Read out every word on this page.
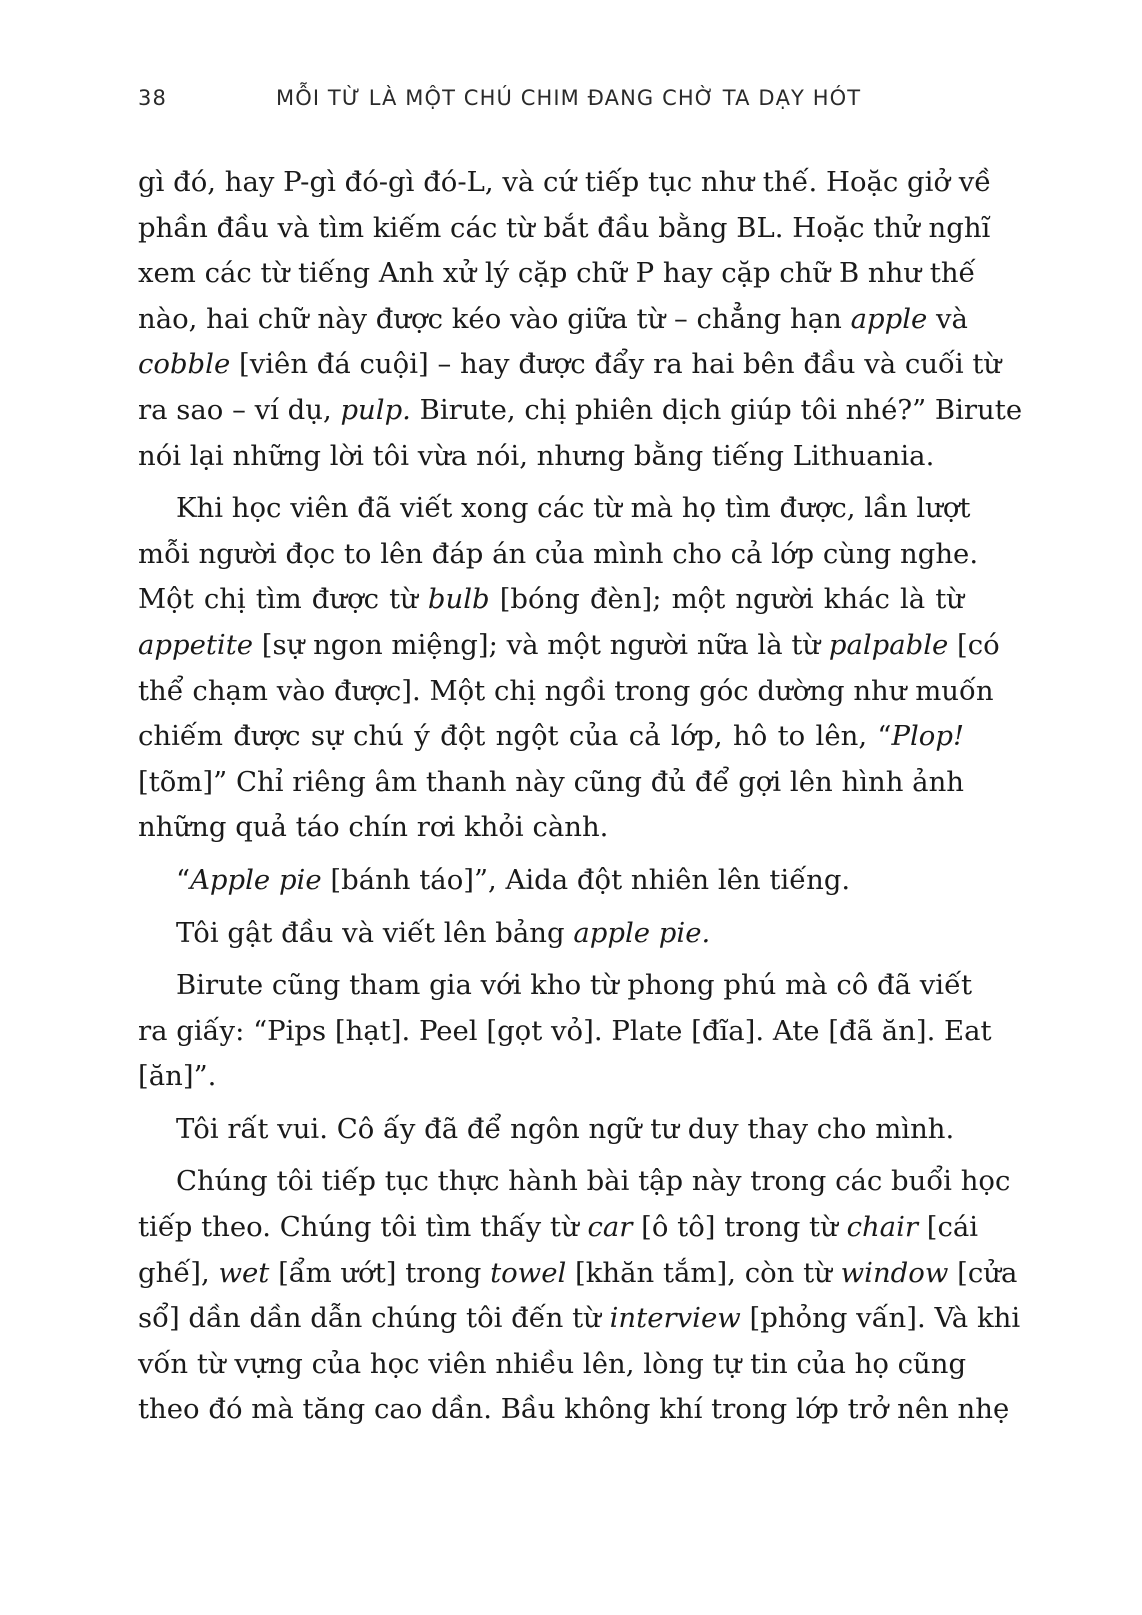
38	MỖI TỪ LÀ MỘT CHÚ CHIM ĐANG CHỜ TA DẠY HÓT
gì đó, hay P-gì đó-gì đó-L, và cứ tiếp tục như thế. Hoặc giở về
phần đầu và tìm kiếm các từ bắt đầu bằng BL. Hoặc thử nghĩ
xem các từ tiếng Anh xử lý cặp chữ P hay cặp chữ B như thế
nào, hai chữ này được kéo vào giữa từ – chẳng hạn apple và
cobble [viên đá cuội] – hay được đẩy ra hai bên đầu và cuối từ
ra sao – ví dụ, pulp. Birute, chị phiên dịch giúp tôi nhé?” Birute
nói lại những lời tôi vừa nói, nhưng bằng tiếng Lithuania.
Khi học viên đã viết xong các từ mà họ tìm được, lần lượt
mỗi người đọc to lên đáp án của mình cho cả lớp cùng nghe.
Một chị tìm được từ bulb [bóng đèn]; một người khác là từ
appetite [sự ngon miệng]; và một người nữa là từ palpable [có
thể chạm vào được]. Một chị ngồi trong góc dường như muốn
chiếm được sự chú ý đột ngột của cả lớp, hô to lên, “Plop!
[tõm]” Chỉ riêng âm thanh này cũng đủ để gợi lên hình ảnh
những quả táo chín rơi khỏi cành.
“Apple pie [bánh táo]”, Aida đột nhiên lên tiếng.
Tôi gật đầu và viết lên bảng apple pie.
Birute cũng tham gia với kho từ phong phú mà cô đã viết
ra giấy: “Pips [hạt]. Peel [gọt vỏ]. Plate [đĩa]. Ate [đã ăn]. Eat
[ăn]”.
Tôi rất vui. Cô ấy đã để ngôn ngữ tư duy thay cho mình.
Chúng tôi tiếp tục thực hành bài tập này trong các buổi học
tiếp theo. Chúng tôi tìm thấy từ car [ô tô] trong từ chair [cái
ghế], wet [ẩm ướt] trong towel [khăn tắm], còn từ window [cửa
sổ] dần dần dẫn chúng tôi đến từ interview [phỏng vấn]. Và khi
vốn từ vựng của học viên nhiều lên, lòng tự tin của họ cũng
theo đó mà tăng cao dần. Bầu không khí trong lớp trở nên nhẹ
